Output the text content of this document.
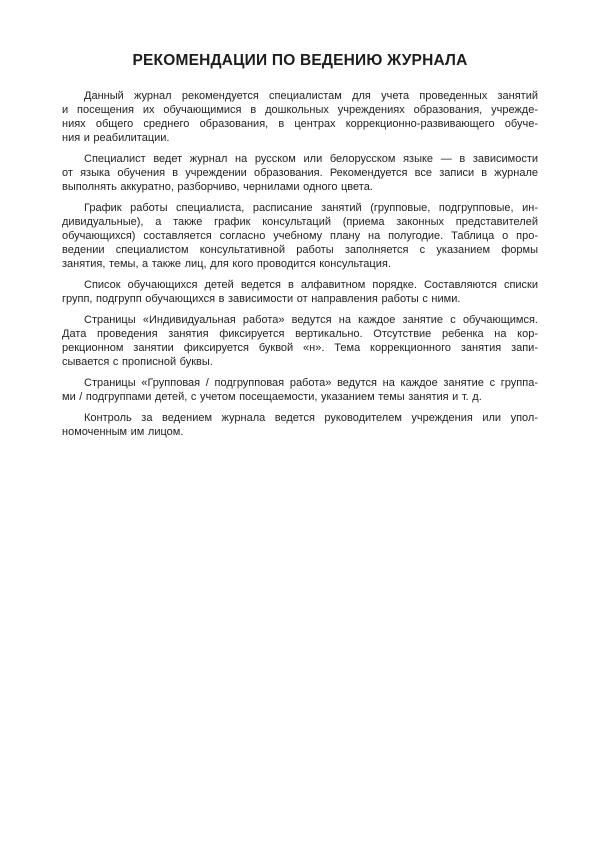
РЕКОМЕНДАЦИИ ПО ВЕДЕНИЮ ЖУРНАЛА

Данный журнал рекомендуется специалистам для учета проведенных занятий
и посещения их обучающимися в дошкольных учреждениях образования, учрежде-
ниях общего среднего образования, в центрах коррекционно-развивающего обуче-
ния и реабилитации.

Специалист ведет журнал на русском или белорусском языке — в зависимости
от языка обучения в учреждении образования. Рекомендуется все записи в журнале
выполнять аккуратно, разборчиво, чернилами одного цвета.

График работы специалиста, расписание занятий (групповые, подгрупповые, ин-
дивидуальные), а также график консультаций (приема законных представителей
обучающихся) составляется согласно учебному плану на полугодие. Таблица о про-
ведении специалистом консультативной работы заполняется с указанием формы
занятия, темы, а также лиц, для кого проводится консультация.

Список обучающихся детей ведется в алфавитном порядке. Составляются списки
групп, подгрупп обучающихся в зависимости от направления работы с ними.

Страницы «Индивидуальная работа» ведутся на каждое занятие с обучающимся.
Дата проведения занятия фиксируется вертикально. Отсутствие ребенка на кор-
рекционном занятии фиксируется буквой «н». Тема коррекционного занятия запи-
сывается с прописной буквы.

Страницы «Групповая / подгрупповая работа» ведутся на каждое занятие с группа-
ми / подгруппами детей, с учетом посещаемости, указанием темы занятия и т. д.

Контроль за ведением журнала ведется руководителем учреждения или упол-
номоченным им лицом.
